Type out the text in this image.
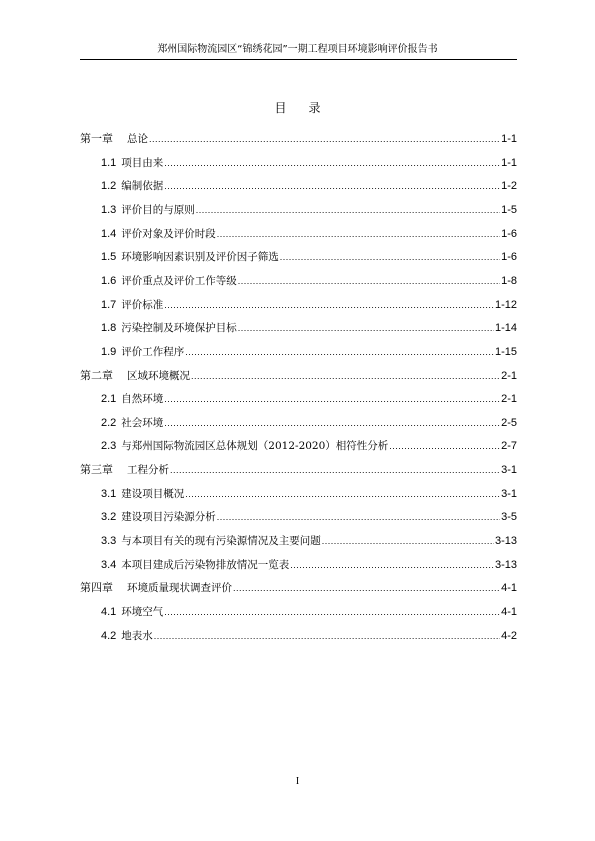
郑州国际物流园区“锦绣花园”一期工程项目环境影响评价报告书
目录
第一章 总论 .....	1-1
1.1 项目由来 .....	1-1
1.2 编制依据 .....	1-2
1.3 评价目的与原则 .....	1-5
1.4 评价对象及评价时段 .....	1-6
1.5 环境影响因素识别及评价因子筛选 .....	1-6
1.6 评价重点及评价工作等级 .....	1-8
1.7 评价标准 .....	1-12
1.8 污染控制及环境保护目标 .....	1-14
1.9 评价工作程序 .....	1-15
第二章 区域环境概况 .....	2-1
2.1 自然环境 .....	2-1
2.2 社会环境 .....	2-5
2.3 与郑州国际物流园区总体规划（2012-2020）相符性分析 .....	2-7
第三章 工程分析 .....	3-1
3.1 建设项目概况 .....	3-1
3.2 建设项目污染源分析 .....	3-5
3.3 与本项目有关的现有污染源情况及主要问题 .....	3-13
3.4 本项目建成后污染物排放情况一览表 .....	3-13
第四章 环境质量现状调查评价 .....	4-1
4.1 环境空气 .....	4-1
4.2 地表水 .....	4-2
I
